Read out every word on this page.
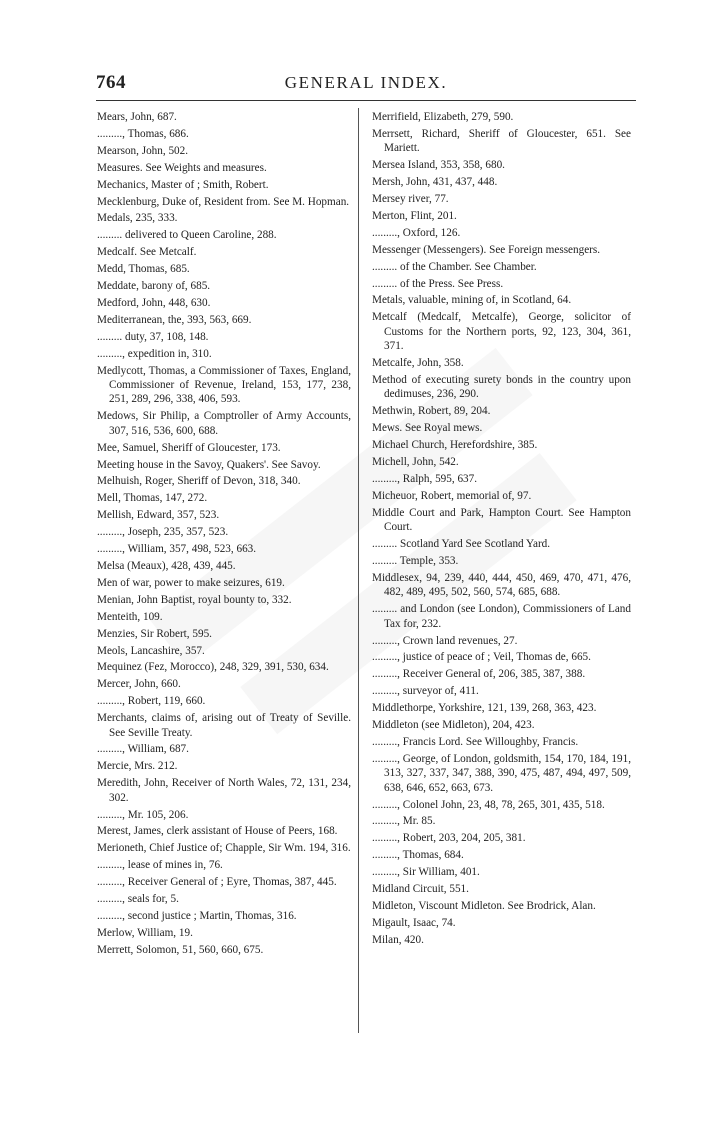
764	GENERAL INDEX.

Mears, John, 687.

........., Thomas, 686.

Mearson, John, 502.

Measures. See Weights and measures.

Mechanics, Master of ; Smith, Robert.

Mecklenburg, Duke of, Resident from. See M. Hopman.

Medals, 235, 333.

......... delivered to Queen Caroline, 288.

Medcalf. See Metcalf.

Medd, Thomas, 685.

Meddate, barony of, 685.

Medford, John, 448, 630.

Mediterranean, the, 393, 563, 669.

......... duty, 37, 108, 148.

........., expedition in, 310.

Medlycott, Thomas, a Commissioner of Taxes, England, Commissioner of Revenue, Ireland, 153, 177, 238, 251, 289, 296, 338, 406, 593.

Medows, Sir Philip, a Comptroller of Army Accounts, 307, 516, 536, 600, 688.

Mee, Samuel, Sheriff of Gloucester, 173.

Meeting house in the Savoy, Quakers'. See Savoy.

Melhuish, Roger, Sheriff of Devon, 318, 340.

Mell, Thomas, 147, 272.

Mellish, Edward, 357, 523.

........., Joseph, 235, 357, 523.

........., William, 357, 498, 523, 663.

Melsa (Meaux), 428, 439, 445.

Men of war, power to make seizures, 619.

Menian, John Baptist, royal bounty to, 332.

Menteith, 109.

Menzies, Sir Robert, 595.

Meols, Lancashire, 357.

Mequinez (Fez, Morocco), 248, 329, 391, 530, 634.

Mercer, John, 660.

........., Robert, 119, 660.

Merchants, claims of, arising out of Treaty of Seville. See Seville Treaty.

........., William, 687.

Mercie, Mrs. 212.

Meredith, John, Receiver of North Wales, 72, 131, 234, 302.

........., Mr. 105, 206.

Merest, James, clerk assistant of House of Peers, 168.

Merioneth, Chief Justice of; Chapple, Sir Wm. 194, 316.

........., lease of mines in, 76.

........., Receiver General of ; Eyre, Thomas, 387, 445.

........., seals for, 5.

........., second justice ; Martin, Thomas, 316.

Merlow, William, 19.

Merrett, Solomon, 51, 560, 660, 675.

Merrifield, Elizabeth, 279, 590.

Merrsett, Richard, Sheriff of Gloucester, 651. See Mariett.

Mersea Island, 353, 358, 680.

Mersh, John, 431, 437, 448.

Mersey river, 77.

Merton, Flint, 201.

........., Oxford, 126.

Messenger (Messengers). See Foreign messengers.

......... of the Chamber. See Chamber.

......... of the Press. See Press.

Metals, valuable, mining of, in Scotland, 64.

Metcalf (Medcalf, Metcalfe), George, solicitor of Customs for the Northern ports, 92, 123, 304, 361, 371.

Metcalfe, John, 358.

Method of executing surety bonds in the country upon dedimuses, 236, 290.

Methwin, Robert, 89, 204.

Mews. See Royal mews.

Michael Church, Herefordshire, 385.

Michell, John, 542.

........., Ralph, 595, 637.

Micheuor, Robert, memorial of, 97.

Middle Court and Park, Hampton Court. See Hampton Court.

......... Scotland Yard See Scotland Yard.

......... Temple, 353.

Middlesex, 94, 239, 440, 444, 450, 469, 470, 471, 476, 482, 489, 495, 502, 560, 574, 685, 688.

......... and London (see London), Commissioners of Land Tax for, 232.

........., Crown land revenues, 27.

........., justice of peace of ; Veil, Thomas de, 665.

........., Receiver General of, 206, 385, 387, 388.

........., surveyor of, 411.

Middlethorpe, Yorkshire, 121, 139, 268, 363, 423.

Middleton (see Midleton), 204, 423.

........., Francis Lord. See Willoughby, Francis.

........., George, of London, goldsmith, 154, 170, 184, 191, 313, 327, 337, 347, 388, 390, 475, 487, 494, 497, 509, 638, 646, 652, 663, 673.

........., Colonel John, 23, 48, 78, 265, 301, 435, 518.

........., Mr. 85.

........., Robert, 203, 204, 205, 381.

........., Thomas, 684.

........., Sir William, 401.

Midland Circuit, 551.

Midleton, Viscount Midleton. See Brodrick, Alan.

Migault, Isaac, 74.

Milan, 420.
